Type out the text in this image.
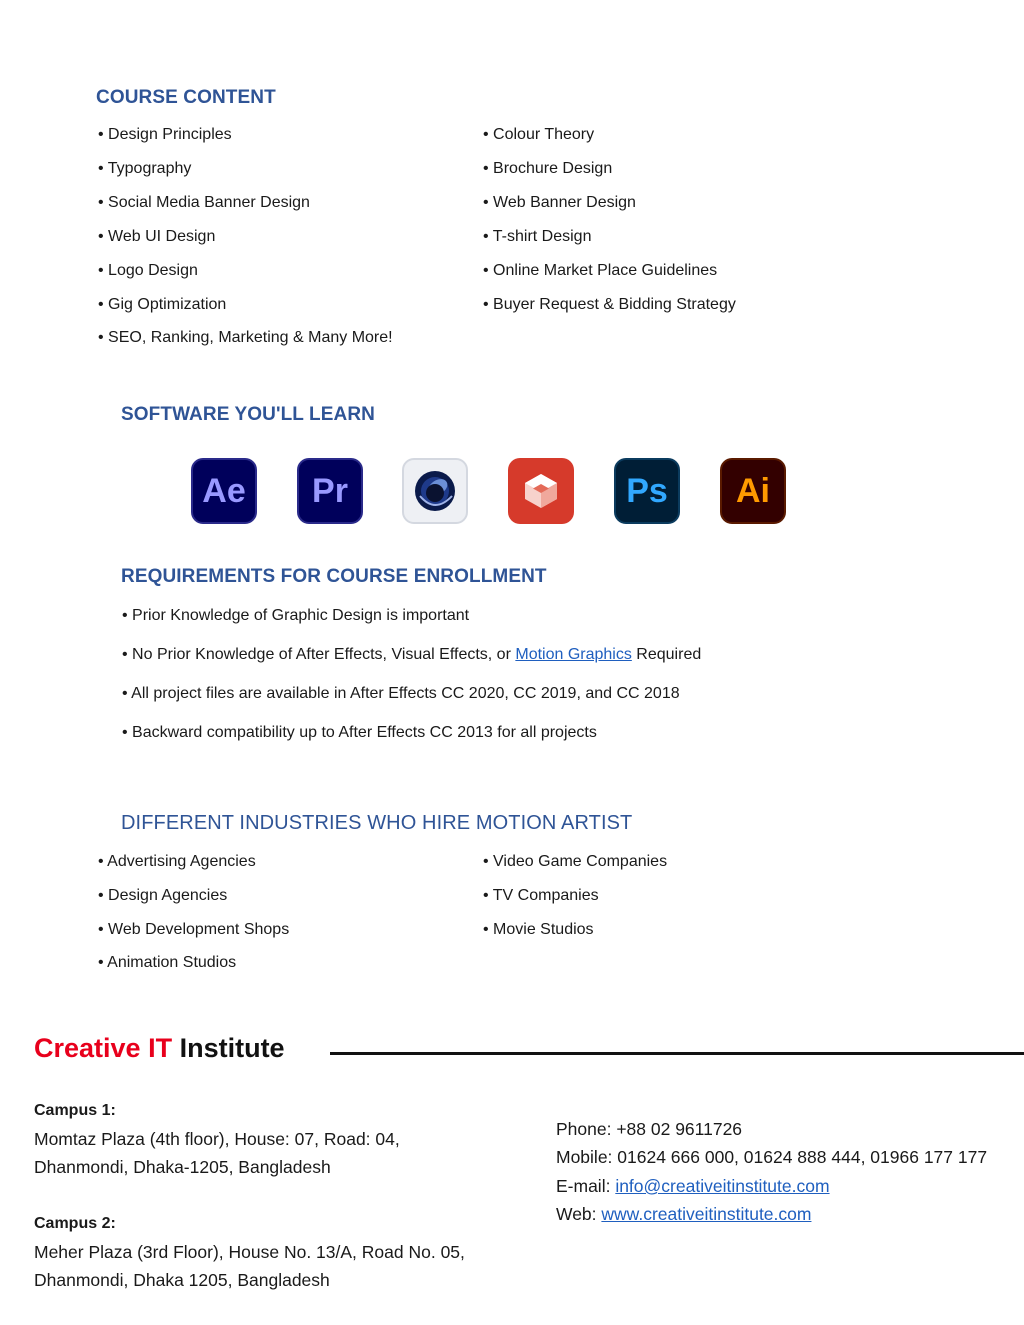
COURSE CONTENT
• Design Principles
• Typography
• Social Media Banner Design
• Web UI Design
• Logo Design
• Gig Optimization
• SEO, Ranking, Marketing & Many More!
• Colour Theory
• Brochure Design
• Web Banner Design
• T-shirt Design
• Online Market Place Guidelines
• Buyer Request & Bidding Strategy
SOFTWARE YOU'LL LEARN
Ae Pr	Ps Ai
REQUIREMENTS FOR COURSE ENROLLMENT
• Prior Knowledge of Graphic Design is important
• No Prior Knowledge of After Effects, Visual Effects, or Motion Graphics Required
• All project files are available in After Effects CC 2020, CC 2019, and CC 2018
• Backward compatibility up to After Effects CC 2013 for all projects
DIFFERENT INDUSTRIES WHO HIRE MOTION ARTIST
• Advertising Agencies
• Design Agencies
• Web Development Shops
• Animation Studios
• Video Game Companies
• TV Companies
• Movie Studios
Creative IT Institute
Campus 1:
Momtaz Plaza (4th floor), House: 07, Road: 04,
Dhanmondi, Dhaka-1205, Bangladesh
Campus 2:
Meher Plaza (3rd Floor), House No. 13/A, Road No. 05,
Dhanmondi, Dhaka 1205, Bangladesh
Phone: +88 02 9611726
Mobile: 01624 666 000, 01624 888 444, 01966 177 177
E-mail: info@creativeitinstitute.com
Web: www.creativeitinstitute.com
